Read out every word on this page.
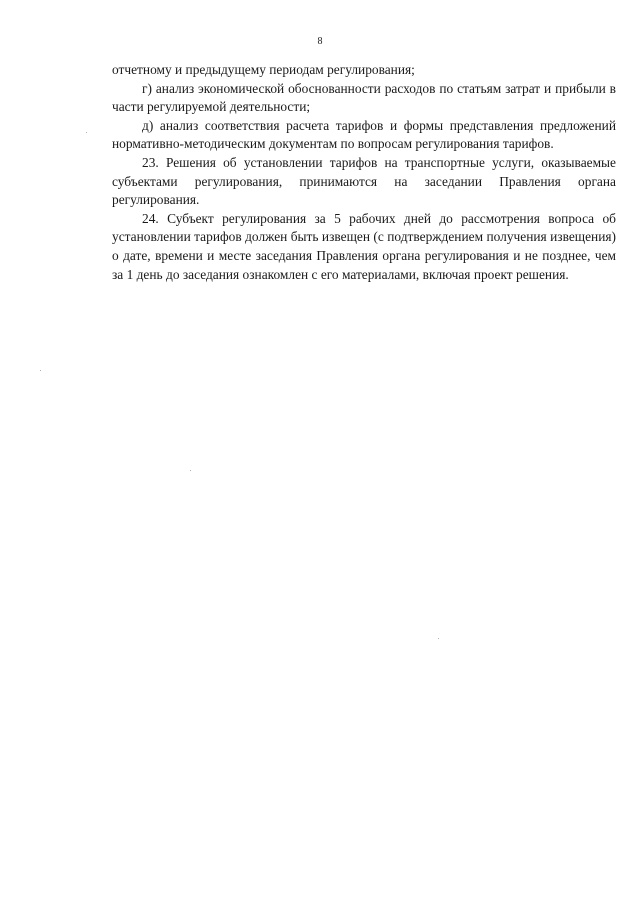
8

отчетному и предыдущему периодам регулирования;

г) анализ экономической обоснованности расходов по статьям затрат и прибыли в части регулируемой деятельности;

д) анализ соответствия расчета тарифов и формы представления предложений нормативно-методическим документам по вопросам регулирования тарифов.

23. Решения об установлении тарифов на транспортные услуги, оказываемые субъектами регулирования, принимаются на заседании Правления органа регулирования.

24. Субъект регулирования за 5 рабочих дней до рассмотрения вопроса об установлении тарифов должен быть извещен (с подтверждением получения извещения) о дате, времени и месте заседания Правления органа регулирования и не позднее, чем за 1 день до заседания ознакомлен с его материалами, включая проект решения.
